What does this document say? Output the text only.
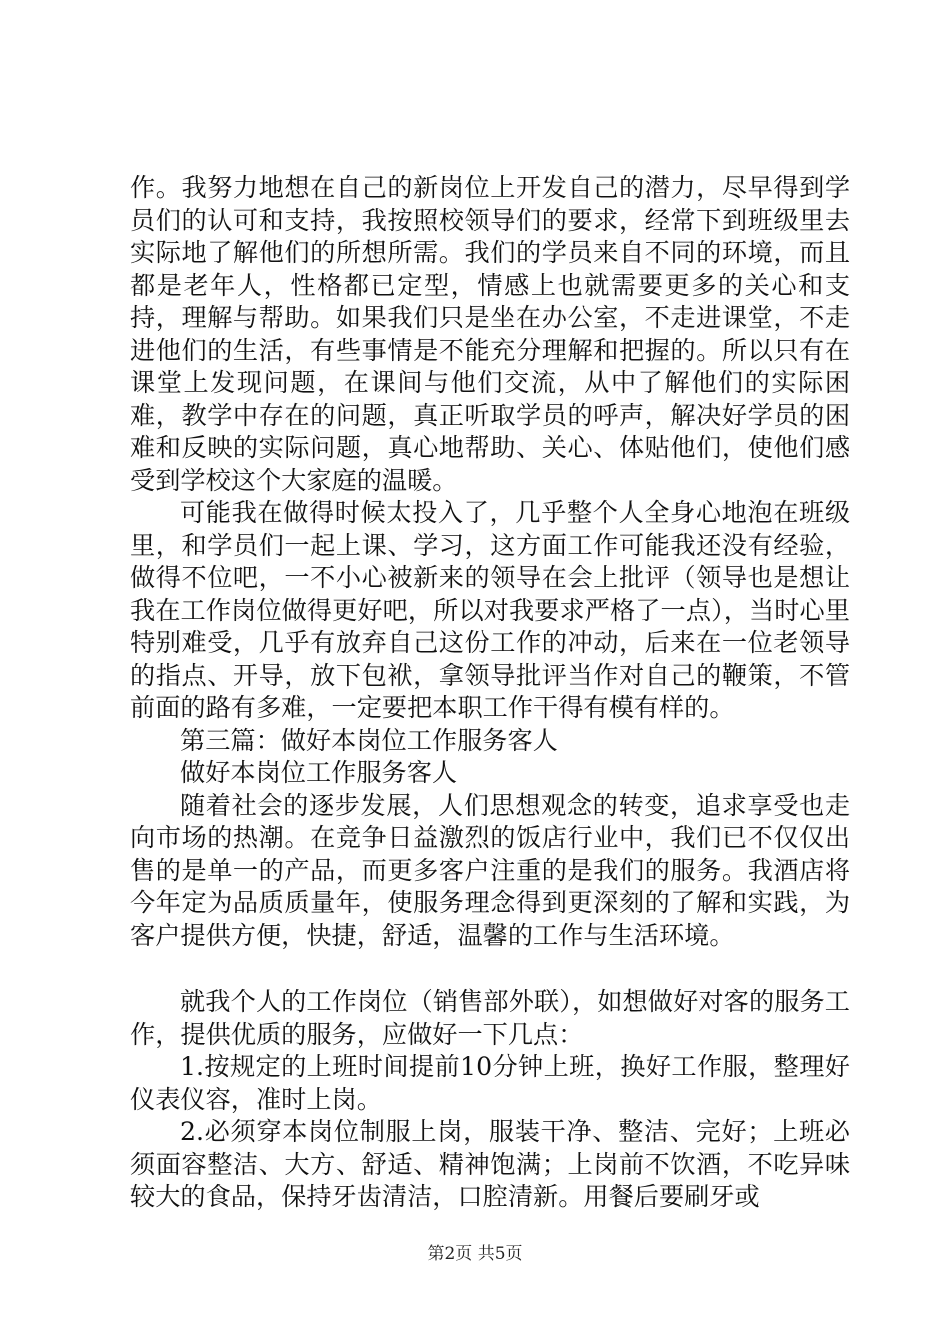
作。我努力地想在自己的新岗位上开发自己的潜力，尽早得到学员们的认可和支持，我按照校领导们的要求，经常下到班级里去实际地了解他们的所想所需。我们的学员来自不同的环境，而且都是老年人，性格都已定型，情感上也就需要更多的关心和支持，理解与帮助。如果我们只是坐在办公室，不走进课堂，不走进他们的生活，有些事情是不能充分理解和把握的。所以只有在课堂上发现问题，在课间与他们交流，从中了解他们的实际困难，教学中存在的问题，真正听取学员的呼声，解决好学员的困难和反映的实际问题，真心地帮助、关心、体贴他们，使他们感受到学校这个大家庭的温暖。

可能我在做得时候太投入了，几乎整个人全身心地泡在班级里，和学员们一起上课、学习，这方面工作可能我还没有经验，做得不位吧，一不小心被新来的领导在会上批评（领导也是想让我在工作岗位做得更好吧，所以对我要求严格了一点），当时心里特别难受，几乎有放弃自己这份工作的冲动，后来在一位老领导的指点、开导，放下包袱，拿领导批评当作对自己的鞭策，不管前面的路有多难，一定要把本职工作干得有模有样的。

第三篇：做好本岗位工作服务客人

做好本岗位工作服务客人

随着社会的逐步发展，人们思想观念的转变，追求享受也走向市场的热潮。在竞争日益激烈的饭店行业中，我们已不仅仅出售的是单一的产品，而更多客户注重的是我们的服务。我酒店将今年定为品质质量年，使服务理念得到更深刻的了解和实践，为客户提供方便，快捷，舒适，温馨的工作与生活环境。

就我个人的工作岗位（销售部外联），如想做好对客的服务工作，提供优质的服务，应做好一下几点：

1.按规定的上班时间提前10分钟上班，换好工作服，整理好仪表仪容，准时上岗。

2.必须穿本岗位制服上岗，服装干净、整洁、完好；上班必须面容整洁、大方、舒适、精神饱满；上岗前不饮酒，不吃异味较大的食品，保持牙齿清洁，口腔清新。用餐后要刷牙或

第2页 共5页
